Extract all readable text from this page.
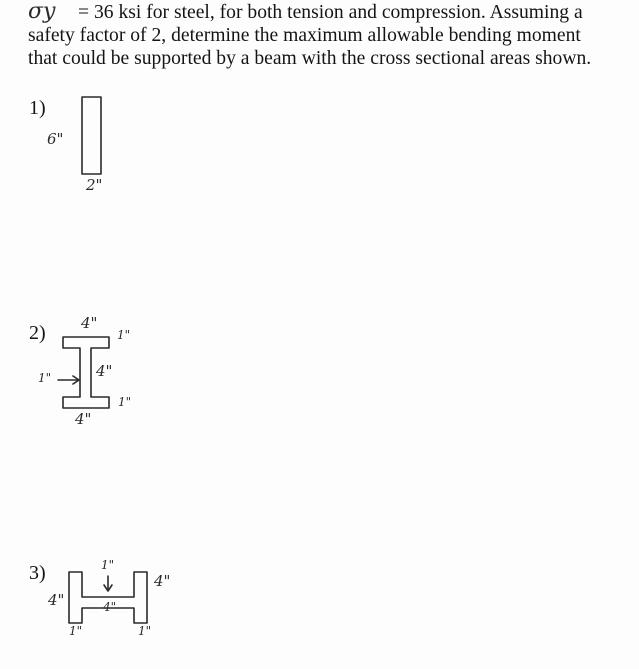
σy = 36 ksi for steel, for both tension and compression. Assuming a
safety factor of 2, determine the maximum allowable bending moment
that could be supported by a beam with the cross sectional areas shown.
1)
6"
2"
2) 4"
1"
1"	4"
1"
4"
3)	1"
4"
4"
4"
1"	1"
